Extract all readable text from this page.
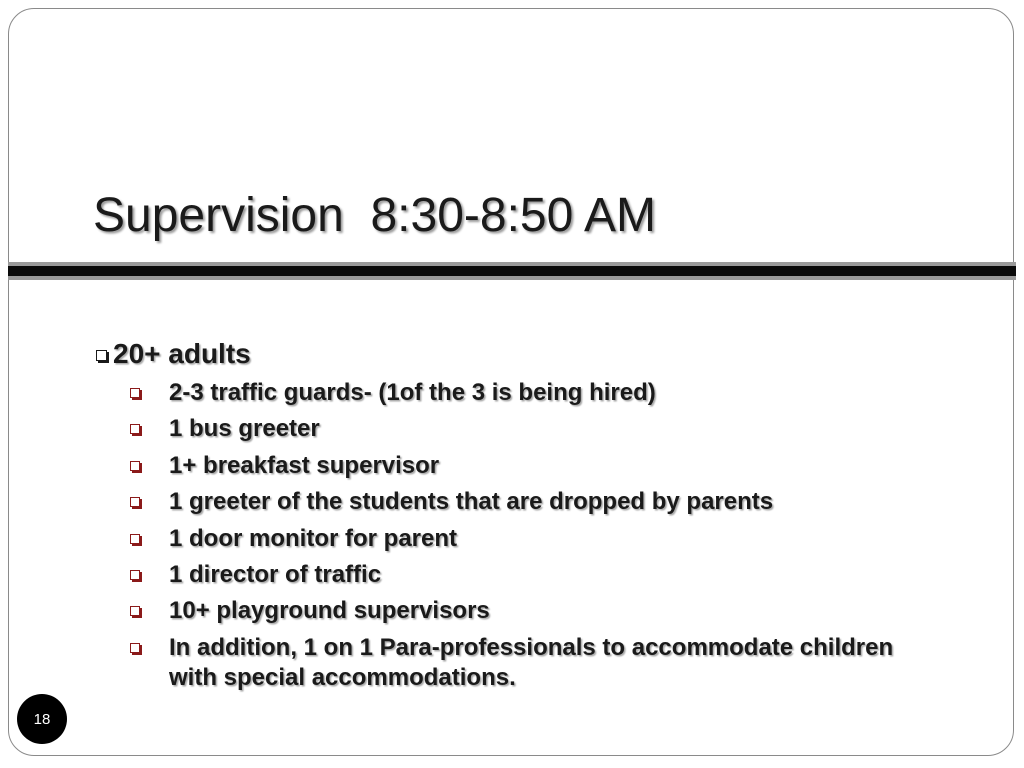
Supervision  8:30-8:50 AM
20+ adults
2-3 traffic guards- (1of the 3 is being hired)
1 bus greeter
1+ breakfast supervisor
1 greeter of the students that are dropped by parents
1 door monitor for parent
1 director of traffic
10+ playground supervisors
In addition, 1 on 1 Para-professionals to accommodate children with special accommodations.
18
